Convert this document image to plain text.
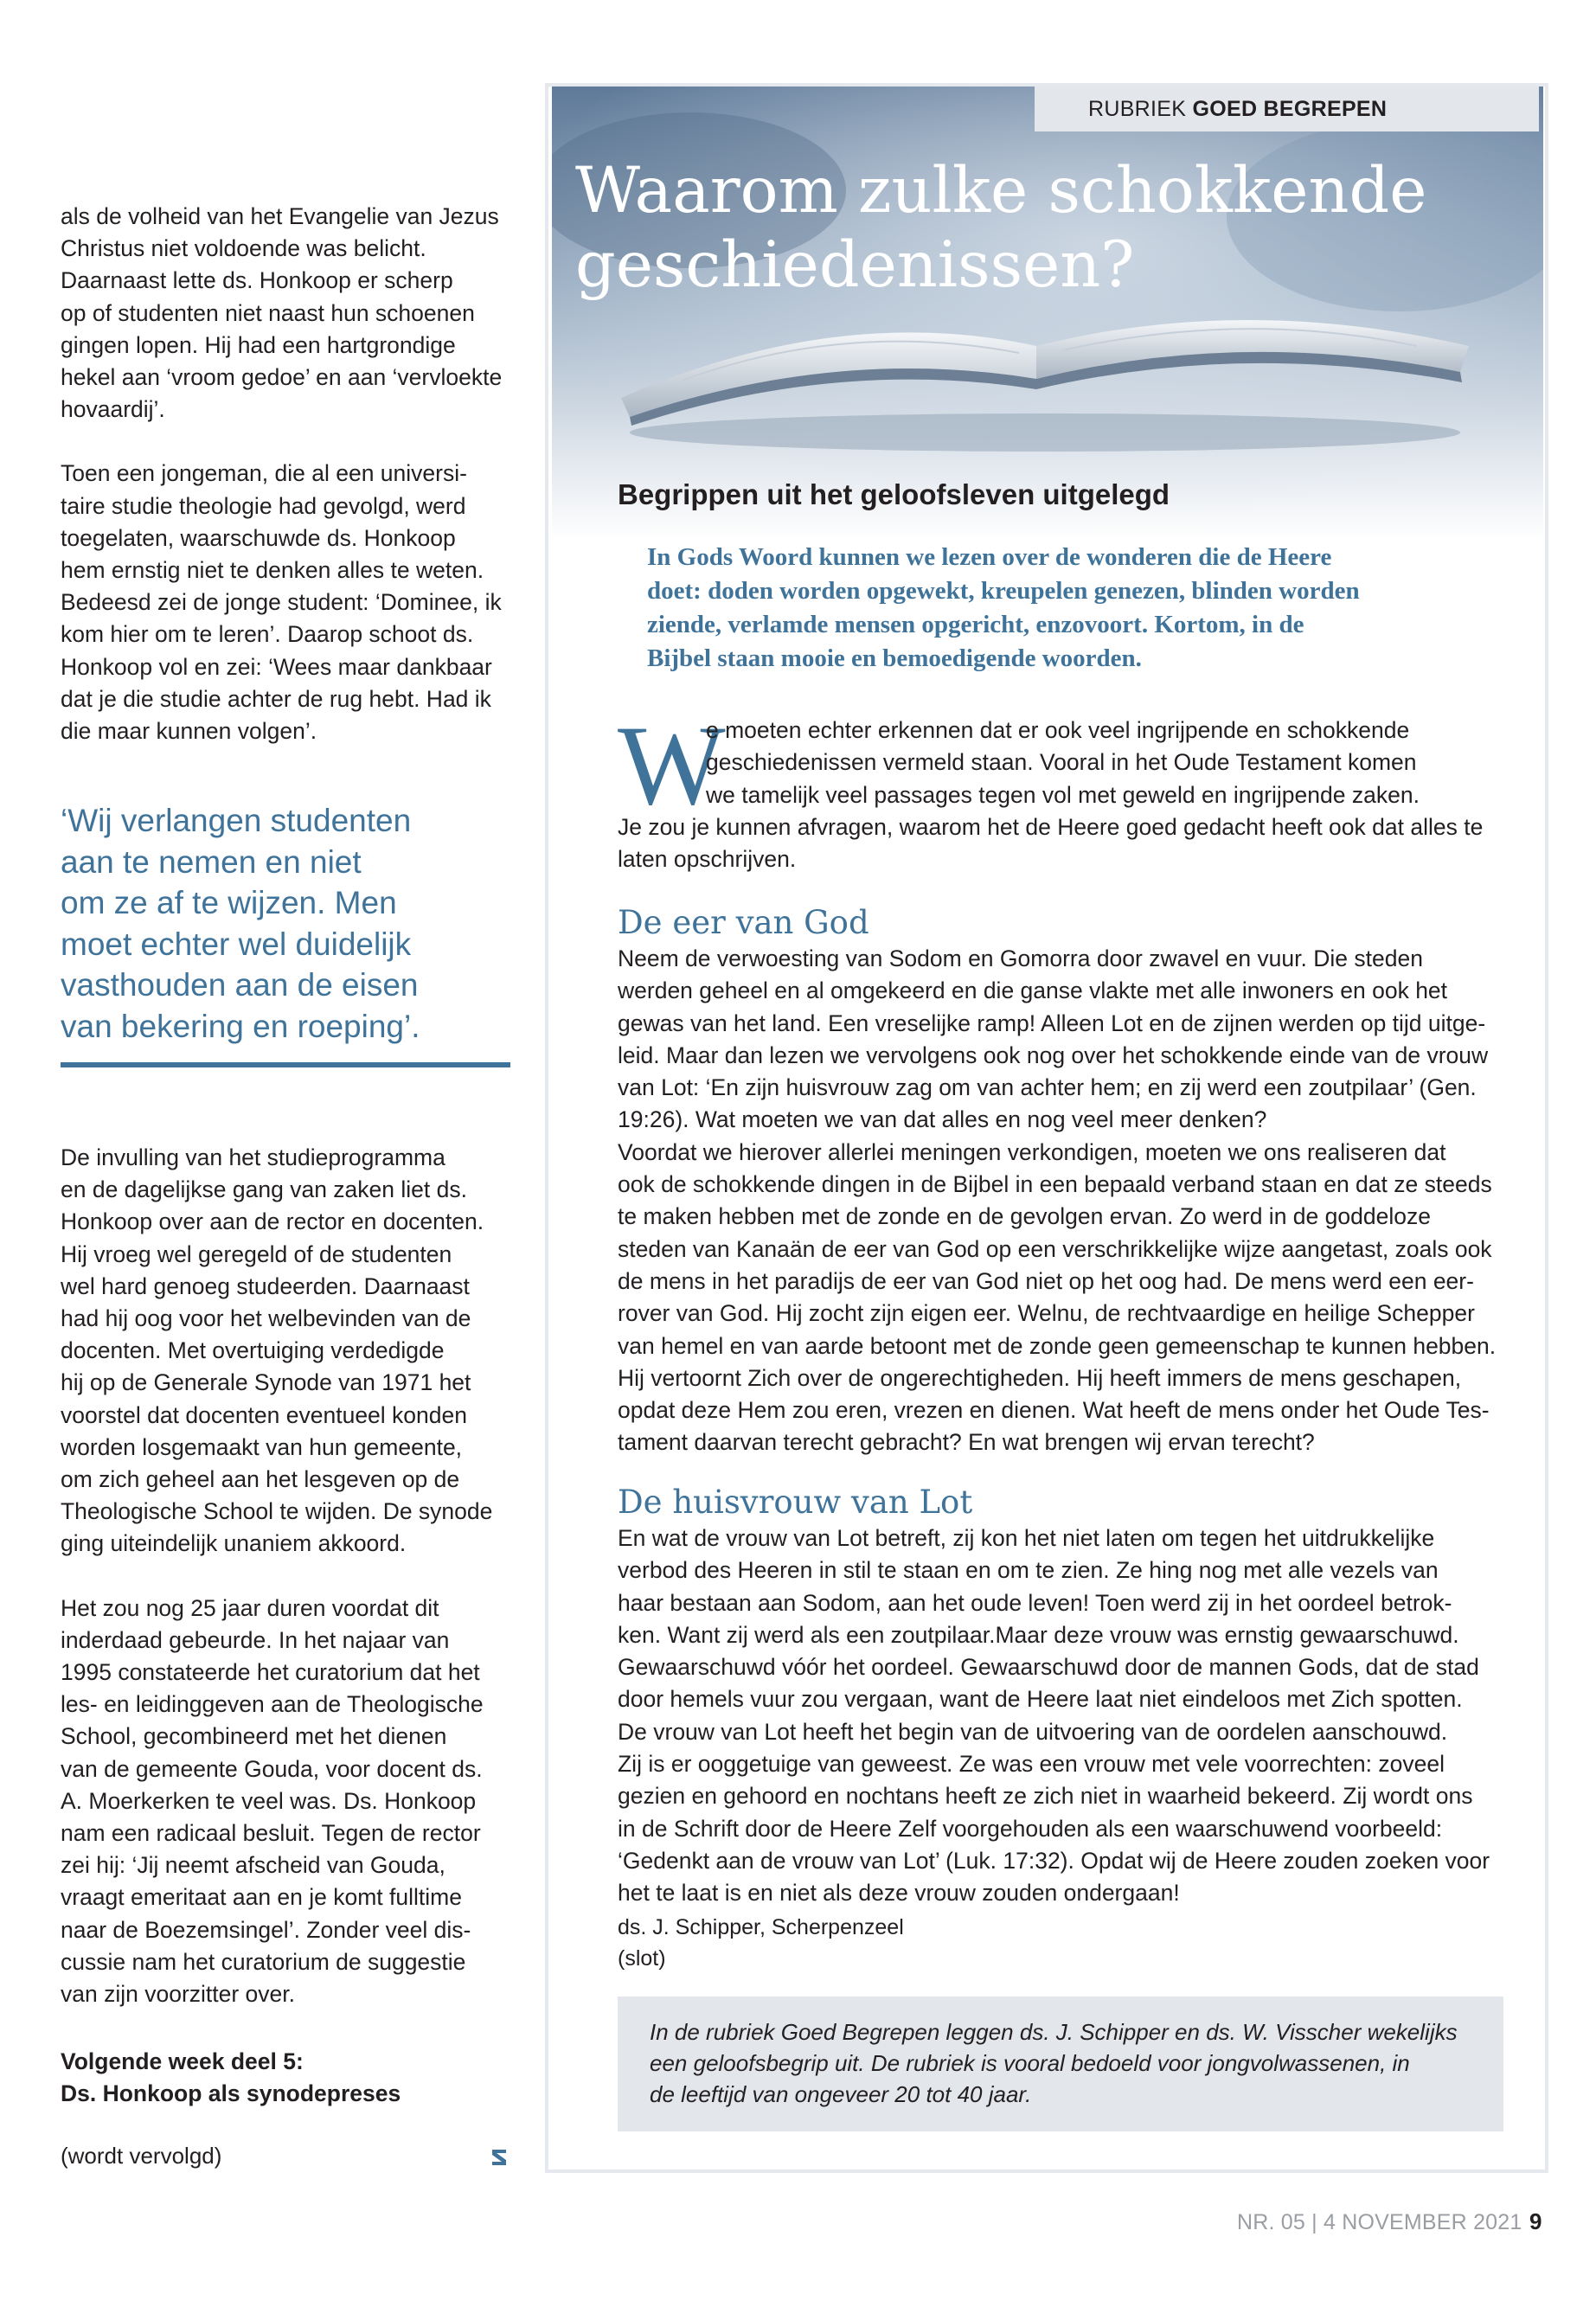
als de volheid van het Evangelie van Jezus
Christus niet voldoende was belicht.
Daarnaast lette ds. Honkoop er scherp
op of studenten niet naast hun schoenen
gingen lopen. Hij had een hartgrondige
hekel aan ‘vroom gedoe’ en aan ‘vervloekte
hovaardij’.

Toen een jongeman, die al een universi-
taire studie theologie had gevolgd, werd
toegelaten, waarschuwde ds. Honkoop
hem ernstig niet te denken alles te weten.
Bedeesd zei de jonge student: ‘Dominee, ik
kom hier om te leren’. Daarop schoot ds.
Honkoop vol en zei: ‘Wees maar dankbaar
dat je die studie achter de rug hebt. Had ik
die maar kunnen volgen’.

‘Wij verlangen studenten
aan te nemen en niet
om ze af te wijzen. Men
moet echter wel duidelijk
vasthouden aan de eisen
van bekering en roeping’.

De invulling van het studieprogramma
en de dagelijkse gang van zaken liet ds.
Honkoop over aan de rector en docenten.
Hij vroeg wel geregeld of de studenten
wel hard genoeg studeerden. Daarnaast
had hij oog voor het welbevinden van de
docenten. Met overtuiging verdedigde
hij op de Generale Synode van 1971 het
voorstel dat docenten eventueel konden
worden losgemaakt van hun gemeente,
om zich geheel aan het lesgeven op de
Theologische School te wijden. De synode
ging uiteindelijk unaniem akkoord.

Het zou nog 25 jaar duren voordat dit
inderdaad gebeurde. In het najaar van
1995 constateerde het curatorium dat het
les- en leidinggeven aan de Theologische
School, gecombineerd met het dienen
van de gemeente Gouda, voor docent ds.
A. Moerkerken te veel was. Ds. Honkoop
nam een radicaal besluit. Tegen de rector
zei hij: ‘Jij neemt afscheid van Gouda,
vraagt emeritaat aan en je komt fulltime
naar de Boezemsingel’. Zonder veel dis-
cussie nam het curatorium de suggestie
van zijn voorzitter over.

Volgende week deel 5:
Ds. Honkoop als synodepreses
(wordt vervolgd)
RUBRIEK GOED BEGREPEN
Waarom zulke schokkende
geschiedenissen?
Begrippen uit het geloofsleven uitgelegd
In Gods Woord kunnen we lezen over de wonderen die de Heere
doet: doden worden opgewekt, kreupelen genezen, blinden worden
ziende, verlamde mensen opgericht, enzovoort. Kortom, in de
Bijbel staan mooie en bemoedigende woorden.
W

e moeten echter erkennen dat er ook veel ingrijpende en schokkende
geschiedenissen vermeld staan. Vooral in het Oude Testament komen
we tamelijk veel passages tegen vol met geweld en ingrijpende zaken.
Je zou je kunnen afvragen, waarom het de Heere goed gedacht heeft ook dat alles te
laten opschrijven.

De eer van God

Neem de verwoesting van Sodom en Gomorra door zwavel en vuur. Die steden
werden geheel en al omgekeerd en die ganse vlakte met alle inwoners en ook het
gewas van het land. Een vreselijke ramp! Alleen Lot en de zijnen werden op tijd uitge-
leid. Maar dan lezen we vervolgens ook nog over het schokkende einde van de vrouw
van Lot: ‘En zijn huisvrouw zag om van achter hem; en zij werd een zoutpilaar’ (Gen.
19:26). Wat moeten we van dat alles en nog veel meer denken?
Voordat we hierover allerlei meningen verkondigen, moeten we ons realiseren dat
ook de schokkende dingen in de Bijbel in een bepaald verband staan en dat ze steeds
te maken hebben met de zonde en de gevolgen ervan. Zo werd in de goddeloze
steden van Kanaän de eer van God op een verschrikkelijke wijze aangetast, zoals ook
de mens in het paradijs de eer van God niet op het oog had. De mens werd een eer-
rover van God. Hij zocht zijn eigen eer. Welnu, de rechtvaardige en heilige Schepper
van hemel en van aarde betoont met de zonde geen gemeenschap te kunnen hebben.
Hij vertoornt Zich over de ongerechtigheden. Hij heeft immers de mens geschapen,
opdat deze Hem zou eren, vrezen en dienen. Wat heeft de mens onder het Oude Tes-
tament daarvan terecht gebracht? En wat brengen wij ervan terecht?

De huisvrouw van Lot

En wat de vrouw van Lot betreft, zij kon het niet laten om tegen het uitdrukkelijke
verbod des Heeren in stil te staan en om te zien. Ze hing nog met alle vezels van
haar bestaan aan Sodom, aan het oude leven! Toen werd zij in het oordeel betrok-
ken. Want zij werd als een zoutpilaar.Maar deze vrouw was ernstig gewaarschuwd.
Gewaarschuwd vóór het oordeel. Gewaarschuwd door de mannen Gods, dat de stad
door hemels vuur zou vergaan, want de Heere laat niet eindeloos met Zich spotten.
De vrouw van Lot heeft het begin van de uitvoering van de oordelen aanschouwd.
Zij is er ooggetuige van geweest. Ze was een vrouw met vele voorrechten: zoveel
gezien en gehoord en nochtans heeft ze zich niet in waarheid bekeerd. Zij wordt ons
in de Schrift door de Heere Zelf voorgehouden als een waarschuwend voorbeeld:
‘Gedenkt aan de vrouw van Lot’ (Luk. 17:32). Opdat wij de Heere zouden zoeken voor
het te laat is en niet als deze vrouw zouden ondergaan!

ds. J. Schipper, Scherpenzeel
(slot)
In de rubriek Goed Begrepen leggen ds. J. Schipper en ds. W. Visscher wekelijks
een geloofsbegrip uit. De rubriek is vooral bedoeld voor jongvolwassenen, in
de leeftijd van ongeveer 20 tot 40 jaar.
NR. 05 | 4 NOVEMBER 2021 9
